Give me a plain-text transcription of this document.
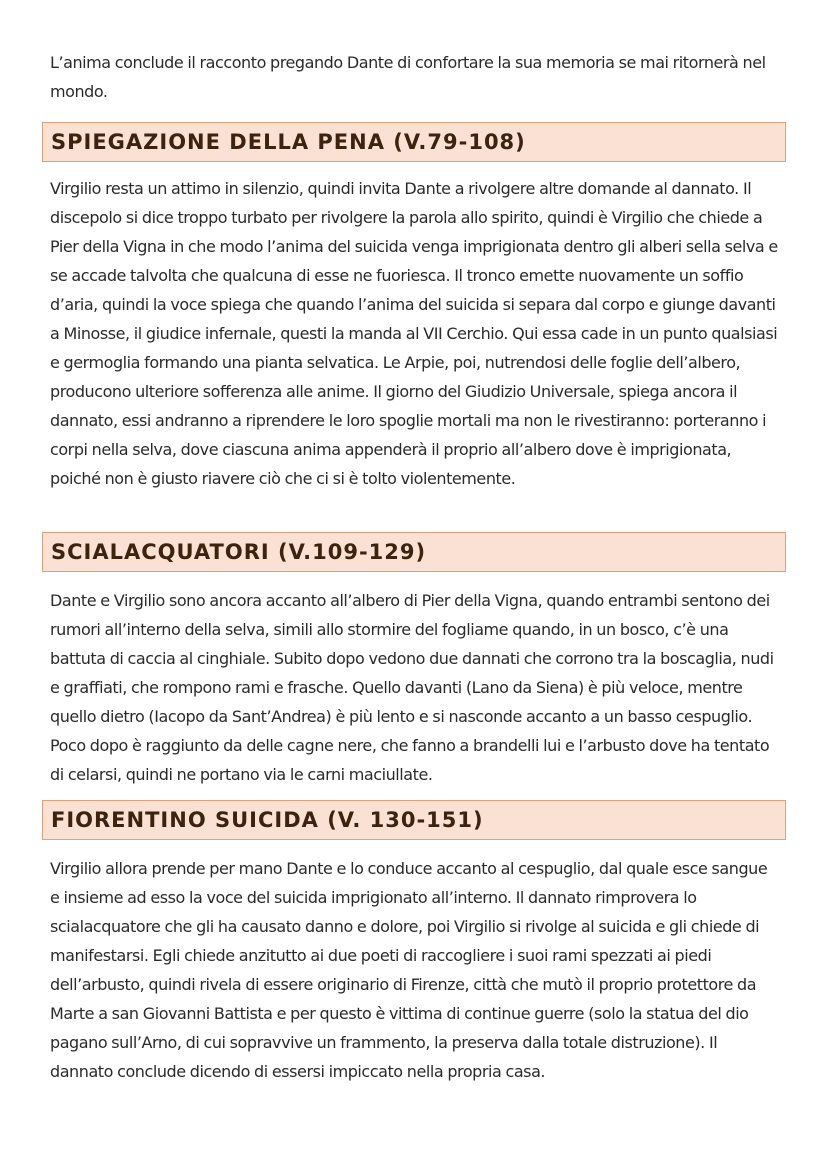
L’anima conclude il racconto pregando Dante di confortare la sua memoria se mai ritornerà nel mondo.

SPIEGAZIONE DELLA PENA (V.79-108)

Virgilio resta un attimo in silenzio, quindi invita Dante a rivolgere altre domande al dannato. Il discepolo si dice troppo turbato per rivolgere la parola allo spirito, quindi è Virgilio che chiede a Pier della Vigna in che modo l’anima del suicida venga imprigionata dentro gli alberi sella selva e se accade talvolta che qualcuna di esse ne fuoriesca. Il tronco emette nuovamente un soffio d’aria, quindi la voce spiega che quando l’anima del suicida si separa dal corpo e giunge davanti a Minosse, il giudice infernale, questi la manda al VII Cerchio. Qui essa cade in un punto qualsiasi e germoglia formando una pianta selvatica. Le Arpie, poi, nutrendosi delle foglie dell’albero, producono ulteriore sofferenza alle anime. Il giorno del Giudizio Universale, spiega ancora il dannato, essi andranno a riprendere le loro spoglie mortali ma non le rivestiranno: porteranno i corpi nella selva, dove ciascuna anima appenderà il proprio all’albero dove è imprigionata, poiché non è giusto riavere ciò che ci si è tolto violentemente.

SCIALACQUATORI (V.109-129)

Dante e Virgilio sono ancora accanto all’albero di Pier della Vigna, quando entrambi sentono dei rumori all’interno della selva, simili allo stormire del fogliame quando, in un bosco, c’è una battuta di caccia al cinghiale. Subito dopo vedono due dannati che corrono tra la boscaglia, nudi e graffiati, che rompono rami e frasche. Quello davanti (Lano da Siena) è più veloce, mentre quello dietro (Iacopo da Sant’Andrea) è più lento e si nasconde accanto a un basso cespuglio. Poco dopo è raggiunto da delle cagne nere, che fanno a brandelli lui e l’arbusto dove ha tentato di celarsi, quindi ne portano via le carni maciullate.

FIORENTINO SUICIDA (V. 130-151)

Virgilio allora prende per mano Dante e lo conduce accanto al cespuglio, dal quale esce sangue e insieme ad esso la voce del suicida imprigionato all’interno. Il dannato rimprovera lo scialacquatore che gli ha causato danno e dolore, poi Virgilio si rivolge al suicida e gli chiede di manifestarsi. Egli chiede anzitutto ai due poeti di raccogliere i suoi rami spezzati ai piedi dell’arbusto, quindi rivela di essere originario di Firenze, città che mutò il proprio protettore da Marte a san Giovanni Battista e per questo è vittima di continue guerre (solo la statua del dio pagano sull’Arno, di cui sopravvive un frammento, la preserva dalla totale distruzione). Il dannato conclude dicendo di essersi impiccato nella propria casa.
